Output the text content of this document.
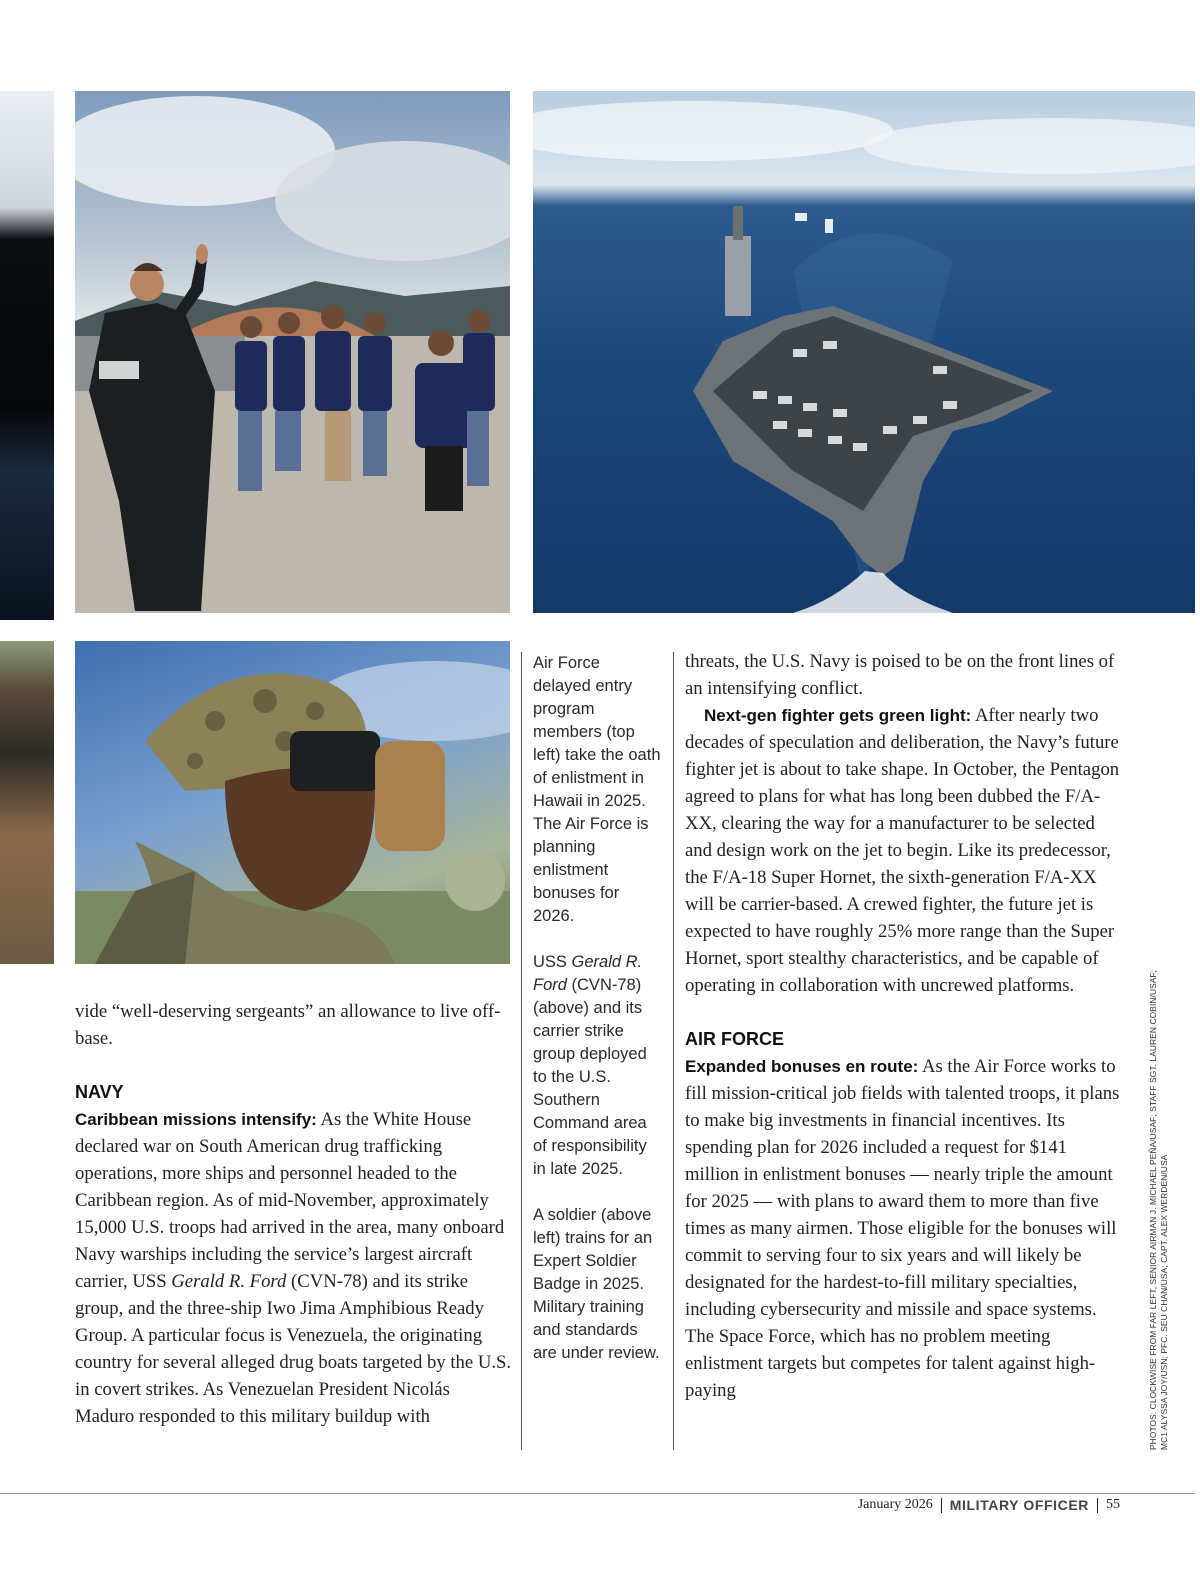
Air Force delayed entry program members (top left) take the oath of enlistment in Hawaii in 2025. The Air Force is planning enlistment bonuses for 2026.

USS Gerald R. Ford (CVN-78) (above) and its carrier strike group deployed to the U.S. Southern Command area of responsibility in late 2025.

A soldier (above left) trains for an Expert Soldier Badge in 2025. Military training and standards are under review.

vide “well-deserving sergeants” an allowance to live off-base.

NAVY

Caribbean missions intensify: As the White House declared war on South American drug trafficking operations, more ships and personnel headed to the Caribbean region. As of mid-November, approximately 15,000 U.S. troops had arrived in the area, many onboard Navy warships including the service’s largest aircraft carrier, USS Gerald R. Ford (CVN-78) and its strike group, and the three-ship Iwo Jima Amphibious Ready Group. A particular focus is Venezuela, the originating country for several alleged drug boats targeted by the U.S. in covert strikes. As Venezuelan President Nicolás Maduro responded to this military buildup with

threats, the U.S. Navy is poised to be on the front lines of an intensifying conflict.

Next-gen fighter gets green light: After nearly two decades of speculation and deliberation, the Navy’s future fighter jet is about to take shape. In October, the Pentagon agreed to plans for what has long been dubbed the F/A-XX, clearing the way for a manufacturer to be selected and design work on the jet to begin. Like its predecessor, the F/A-18 Super Hornet, the sixth-generation F/A-XX will be carrier-based. A crewed fighter, the future jet is expected to have roughly 25% more range than the Super Hornet, sport stealthy characteristics, and be capable of operating in collaboration with uncrewed platforms.

AIR FORCE

Expanded bonuses en route: As the Air Force works to fill mission-critical job fields with talented troops, it plans to make big investments in financial incentives. Its spending plan for 2026 included a request for $141 million in enlistment bonuses — nearly triple the amount for 2025 — with plans to award them to more than five times as many airmen. Those eligible for the bonuses will commit to serving four to six years and will likely be designated for the hardest-to-fill military specialties, including cybersecurity and missile and space systems. The Space Force, which has no problem meeting enlistment targets but competes for talent against high-paying	PHOTOS: CLOCKWISE FROM FAR LEFT, SENIOR AIRMAN J. MICHAEL PEÑA/USAF; STAFF SGT. LAUREN COBIN/USAF; MC1 ALYSSA JOY/USN; PFC. SEU CHAN/USA; CAPT. ALEX WERDEN/USA
January 2026 MILITARY OFFICER 55
